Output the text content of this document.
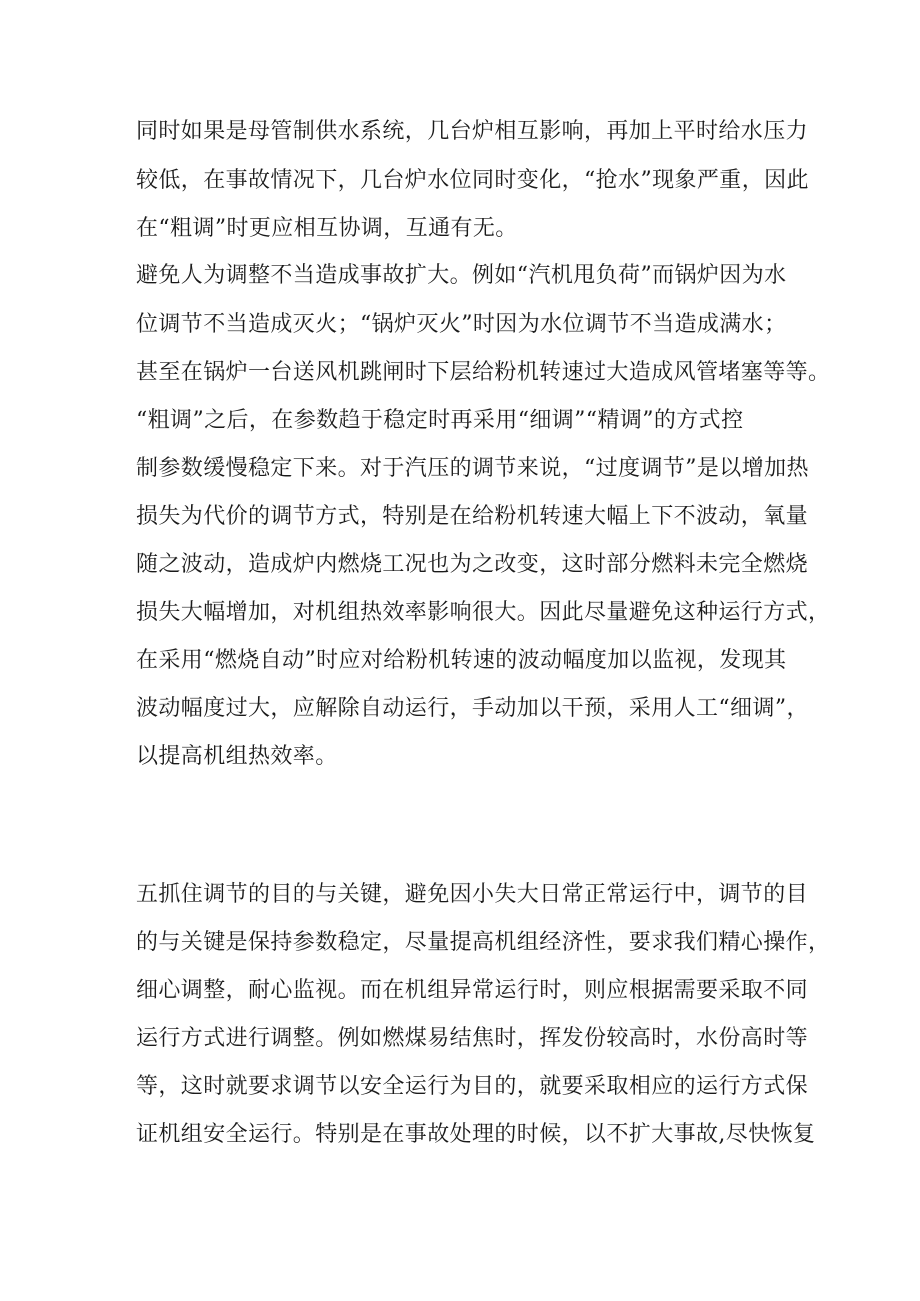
同时如果是母管制供水系统，几台炉相互影响，再加上平时给水压力
较低，在事故情况下，几台炉水位同时变化，“抢水”现象严重，因此
在“粗调”时更应相互协调，互通有无。
避免人为调整不当造成事故扩大。例如“汽机甩负荷”而锅炉因为水
位调节不当造成灭火；“锅炉灭火”时因为水位调节不当造成满水；
甚至在锅炉一台送风机跳闸时下层给粉机转速过大造成风管堵塞等等。
“粗调”之后，在参数趋于稳定时再采用“细调”“精调”的方式控
制参数缓慢稳定下来。对于汽压的调节来说，“过度调节”是以增加热
损失为代价的调节方式，特别是在给粉机转速大幅上下不波动，氧量
随之波动，造成炉内燃烧工况也为之改变，这时部分燃料未完全燃烧
损失大幅增加，对机组热效率影响很大。因此尽量避免这种运行方式，
在采用“燃烧自动”时应对给粉机转速的波动幅度加以监视，发现其
波动幅度过大，应解除自动运行，手动加以干预，采用人工“细调”，
以提高机组热效率。
五抓住调节的目的与关键，避免因小失大日常正常运行中，调节的目
的与关键是保持参数稳定，尽量提高机组经济性，要求我们精心操作，
细心调整，耐心监视。而在机组异常运行时，则应根据需要采取不同
运行方式进行调整。例如燃煤易结焦时，挥发份较高时，水份高时等
等，这时就要求调节以安全运行为目的，就要采取相应的运行方式保
证机组安全运行。特别是在事故处理的时候，以不扩大事故,尽快恢复
